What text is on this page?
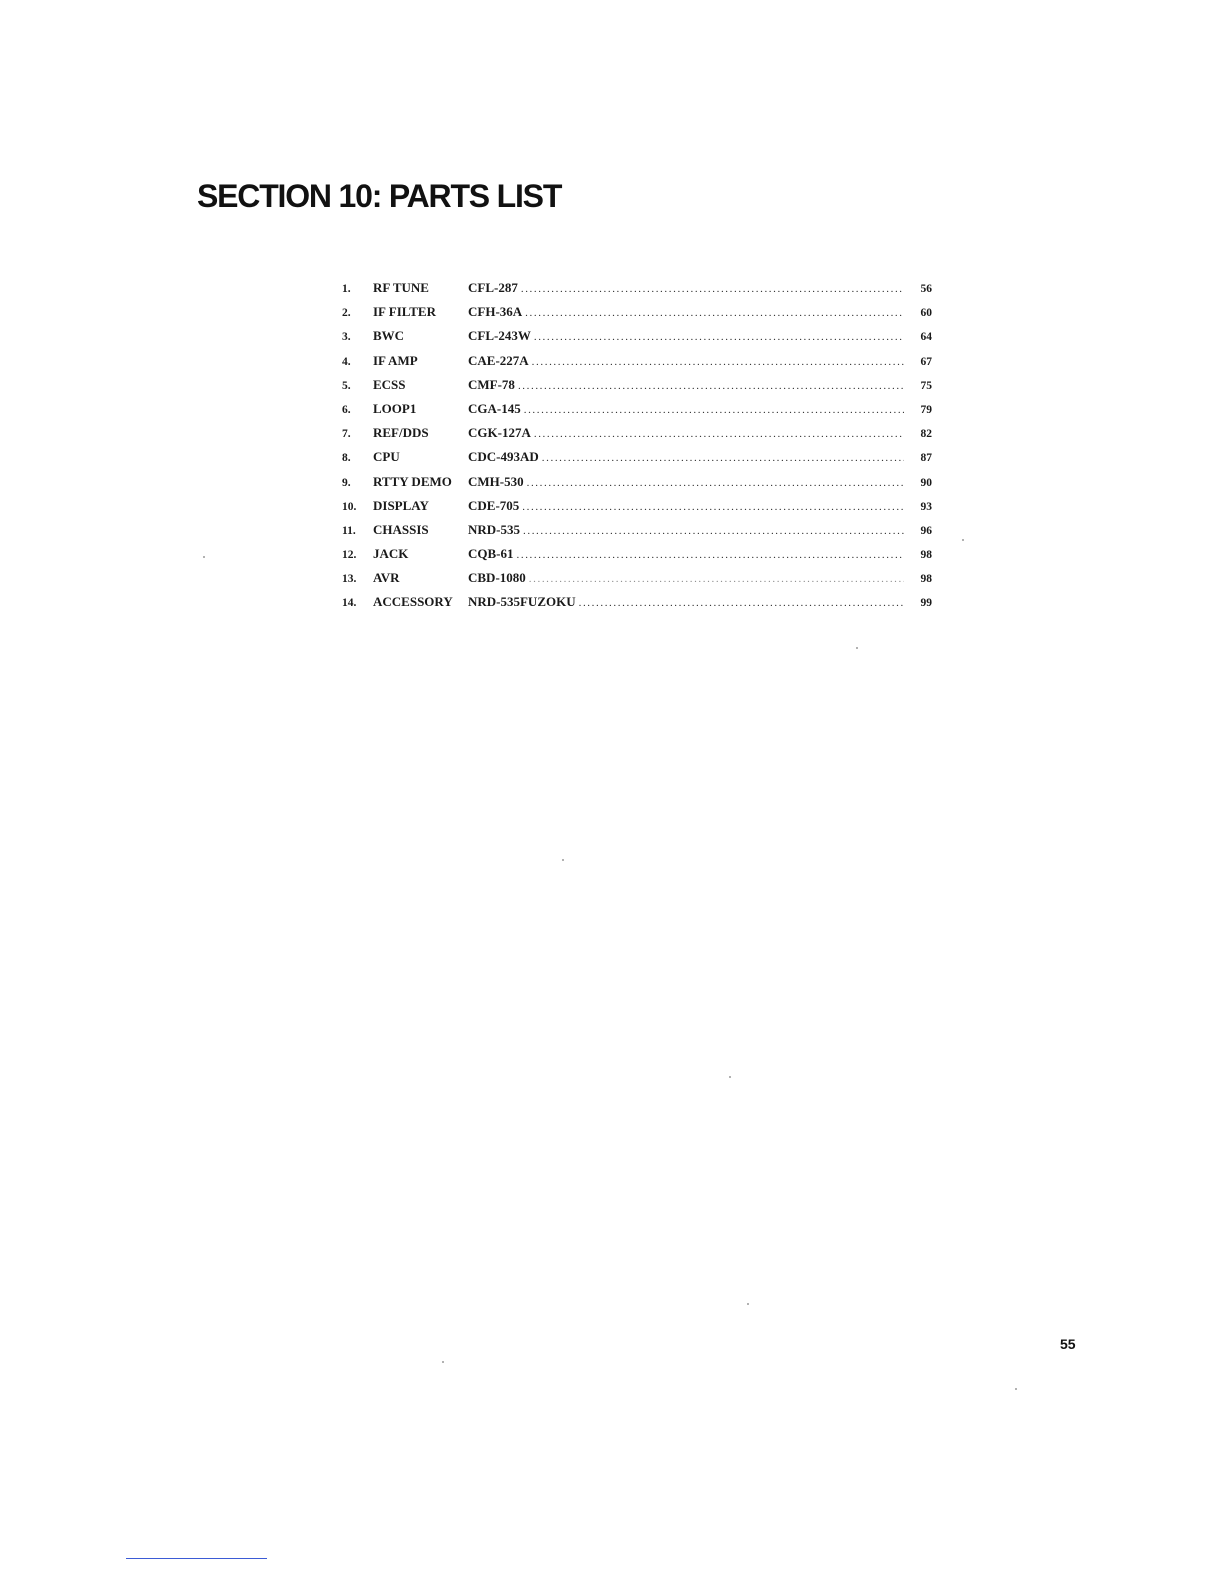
SECTION 10: PARTS LIST
1.	RF TUNE	CFL-287 .....	56
2.	IF FILTER	CFH-36A .....	60
3.	BWC	CFL-243W .....	64
4.	IF AMP	CAE-227A .....	67
5.	ECSS	CMF-78 .....	75
6.	LOOP1	CGA-145 .....	79
7.	REF/DDS	CGK-127A .....	82
8.	CPU	CDC-493AD .....	87
9.	RTTY DEMO	CMH-530 .....	90
10.	DISPLAY	CDE-705 .....	93
11.	CHASSIS	NRD-535 .....	96
12.	JACK	CQB-61 .....	98
13.	AVR	CBD-1080 .....	98
14.	ACCESSORY	NRD-535FUZOKU .....	99
55
